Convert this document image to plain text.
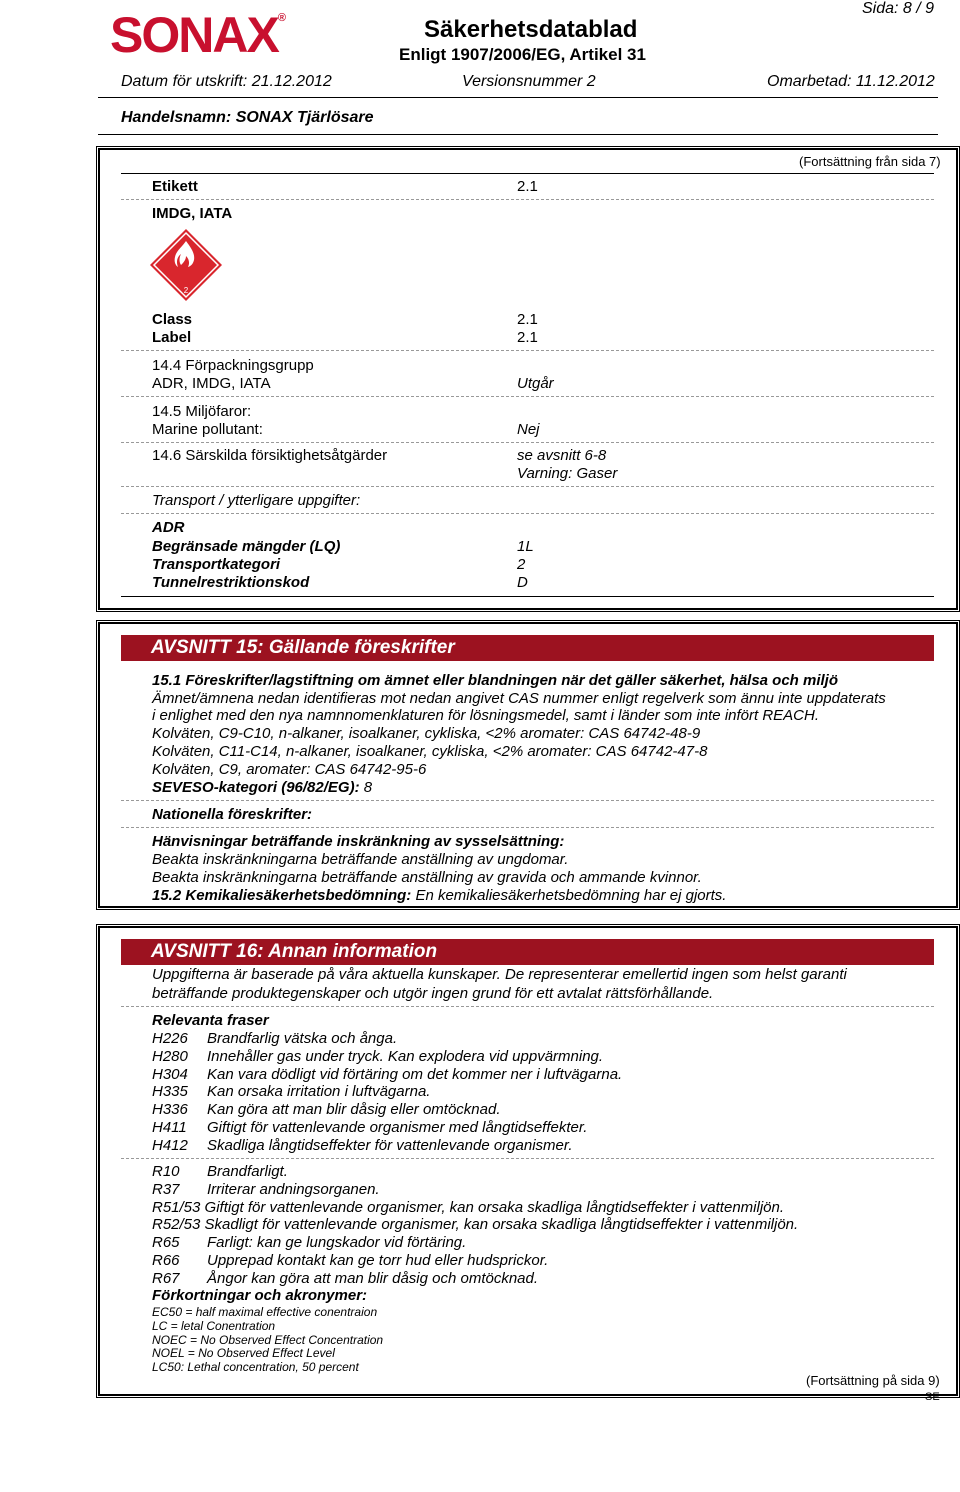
SONAX®	Säkerhetsdatablad
Enligt 1907/2006/EG, Artikel 31
Sida: 8 / 9
Datum för utskrift: 21.12.2012	Versionsnummer 2	Omarbetad: 11.12.2012
Handelsnamn: SONAX Tjärlösare
(Fortsättning från sida 7)
Etikett	2.1
IMDG, IATA
2
Class	2.1
Label	2.1
14.4 Förpackningsgrupp
ADR, IMDG, IATA	Utgår
14.5 Miljöfaror:
Marine pollutant:	Nej
14.6 Särskilda försiktighetsåtgärder	se avsnitt 6-8
Varning: Gaser
Transport / ytterligare uppgifter:
ADR
Begränsade mängder (LQ)	1L
Transportkategori	2
Tunnelrestriktionskod	D
AVSNITT 15: Gällande föreskrifter
15.1 Föreskrifter/lagstiftning om ämnet eller blandningen när det gäller säkerhet, hälsa och miljö
Ämnet/ämnena nedan identifieras mot nedan angivet CAS nummer enligt regelverk som ännu inte uppdaterats
i enlighet med den nya namnnomenklaturen för lösningsmedel, samt i länder som inte infört REACH.
Kolväten, C9-C10, n-alkaner, isoalkaner, cykliska, <2% aromater: CAS 64742-48-9
Kolväten, C11-C14, n-alkaner, isoalkaner, cykliska, <2% aromater: CAS 64742-47-8
Kolväten, C9, aromater: CAS 64742-95-6
SEVESO-kategori (96/82/EG): 8
Nationella föreskrifter:
Hänvisningar beträffande inskränkning av sysselsättning:
Beakta inskränkningarna beträffande anställning av ungdomar.
Beakta inskränkningarna beträffande anställning av gravida och ammande kvinnor.
15.2 Kemikaliesäkerhetsbedömning: En kemikaliesäkerhetsbedömning har ej gjorts.
AVSNITT 16: Annan information
Uppgifterna är baserade på våra aktuella kunskaper. De representerar emellertid ingen som helst garanti
beträffande produktegenskaper och utgör ingen grund för ett avtalat rättsförhållande.
Relevanta fraser
H226 Brandfarlig vätska och ånga.
H280 Innehåller gas under tryck. Kan explodera vid uppvärmning.
H304 Kan vara dödligt vid förtäring om det kommer ner i luftvägarna.
H335 Kan orsaka irritation i luftvägarna.
H336 Kan göra att man blir dåsig eller omtöcknad.
H411 Giftigt för vattenlevande organismer med långtidseffekter.
H412 Skadliga långtidseffekter för vattenlevande organismer.
R10 Brandfarligt.
R37 Irriterar andningsorganen.
R51/53 Giftigt för vattenlevande organismer, kan orsaka skadliga långtidseffekter i vattenmiljön.
R52/53 Skadligt för vattenlevande organismer, kan orsaka skadliga långtidseffekter i vattenmiljön.
R65 Farligt: kan ge lungskador vid förtäring.
R66 Upprepad kontakt kan ge torr hud eller hudsprickor.
R67 Ångor kan göra att man blir dåsig och omtöcknad.
Förkortningar och akronymer:
EC50 = half maximal effective conentraion
LC = letal Conentration
NOEC = No Observed Effect Concentration
NOEL = No Observed Effect Level
LC50: Lethal concentration, 50 percent
(Fortsättning på sida 9)
SE
